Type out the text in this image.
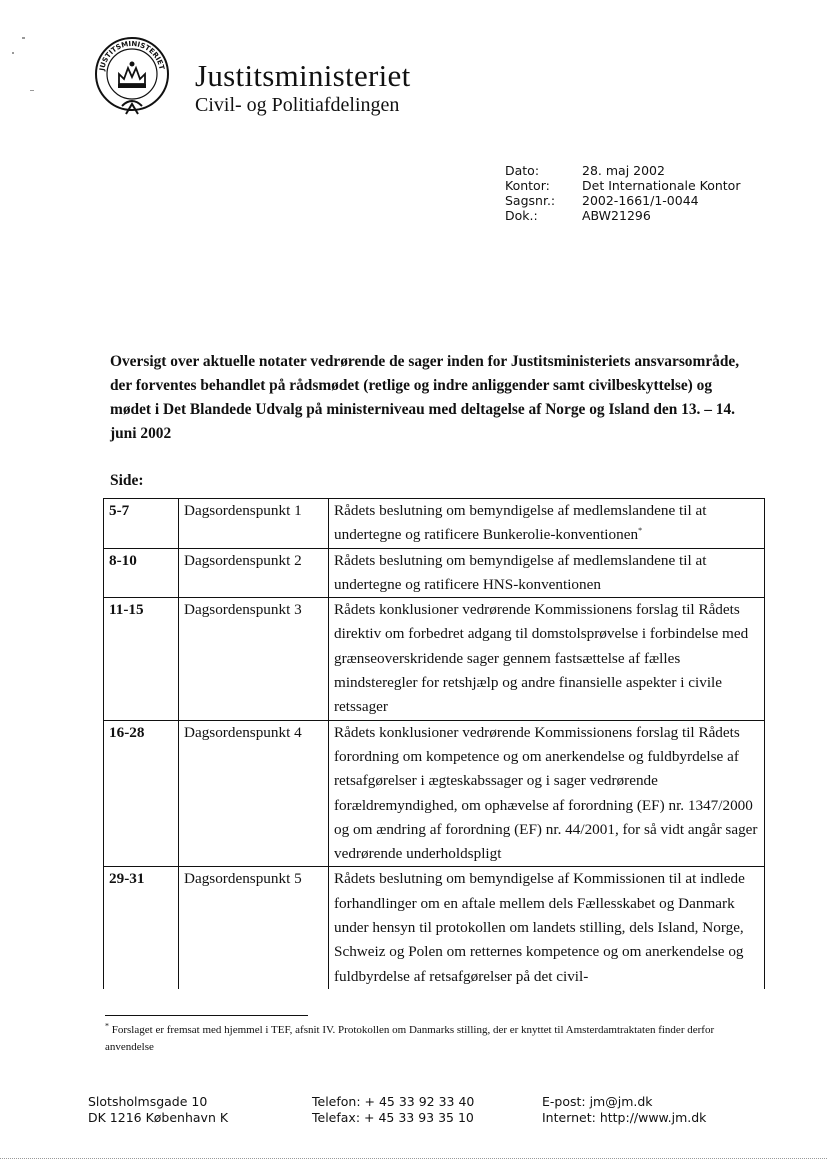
JUSTITSMINISTERIET Justitsministeriet
Civil- og Politiafdelingen
Dato:	28. maj 2002
Kontor:	Det Internationale Kontor
Sagsnr.:	2002-1661/1-0044
Dok.:	ABW21296
Oversigt over aktuelle notater vedrørende de sager inden for Justitsministeriets ansvarsområde, der forventes behandlet på rådsmødet (retlige og indre anliggender samt civilbeskyttelse) og mødet i Det Blandede Udvalg på ministerniveau med deltagelse af Norge og Island den 13. – 14. juni 2002
Side:
5-7	Dagsordenspunkt 1	Rådets beslutning om bemyndigelse af medlemslandene til at undertegne og ratificere Bunkerolie-konventionen*
8-10	Dagsordenspunkt 2	Rådets beslutning om bemyndigelse af medlemslandene til at undertegne og ratificere HNS-konventionen
11-15	Dagsordenspunkt 3	Rådets konklusioner vedrørende Kommissionens forslag til Rådets direktiv om forbedret adgang til domstolsprøvelse i forbindelse med grænseoverskridende sager gennem fastsættelse af fælles mindsteregler for retshjælp og andre finansielle aspekter i civile retssager
16-28	Dagsordenspunkt 4	Rådets konklusioner vedrørende Kommissionens forslag til Rådets forordning om kompetence og om anerkendelse og fuldbyrdelse af retsafgørelser i ægteskabssager og i sager vedrørende forældremyndighed, om ophævelse af forordning (EF) nr. 1347/2000 og om ændring af forordning (EF) nr. 44/2001, for så vidt angår sager vedrørende underholdspligt
29-31	Dagsordenspunkt 5	Rådets beslutning om bemyndigelse af Kommissionen til at indlede forhandlinger om en aftale mellem dels Fællesskabet og Danmark under hensyn til protokollen om landets stilling, dels Island, Norge, Schweiz og Polen om retternes kompetence og om anerkendelse og fuldbyrdelse af retsafgørelser på det civil-
* Forslaget er fremsat med hjemmel i TEF, afsnit IV. Protokollen om Danmarks stilling, der er knyttet til Amsterdamtraktaten finder derfor anvendelse
Slotsholmsgade 10
DK 1216 København K
Telefon: + 45 33 92 33 40
Telefax: + 45 33 93 35 10
E-post: jm@jm.dk
Internet: http://www.jm.dk
